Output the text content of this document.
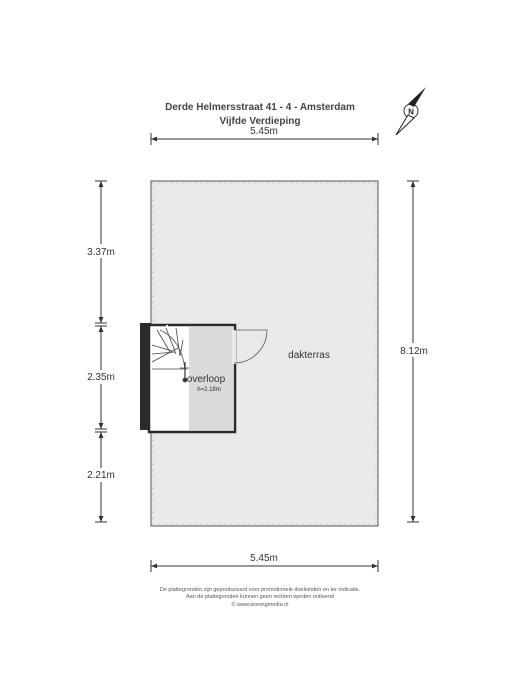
Derde Helmersstraat 41 - 4 - Amsterdam
Vijfde Verdieping
N
5.45m
5.45m
3.37m
2.35m
2.21m
8.12m
dakterras
overloop
h=2.18m
De plattegronden zijn geproduceerd voor promotionele doeleinden en ter indicatie.
Aan de plattegronden kunnen geen rechten worden ontleend
© www.woningmedia.nl
